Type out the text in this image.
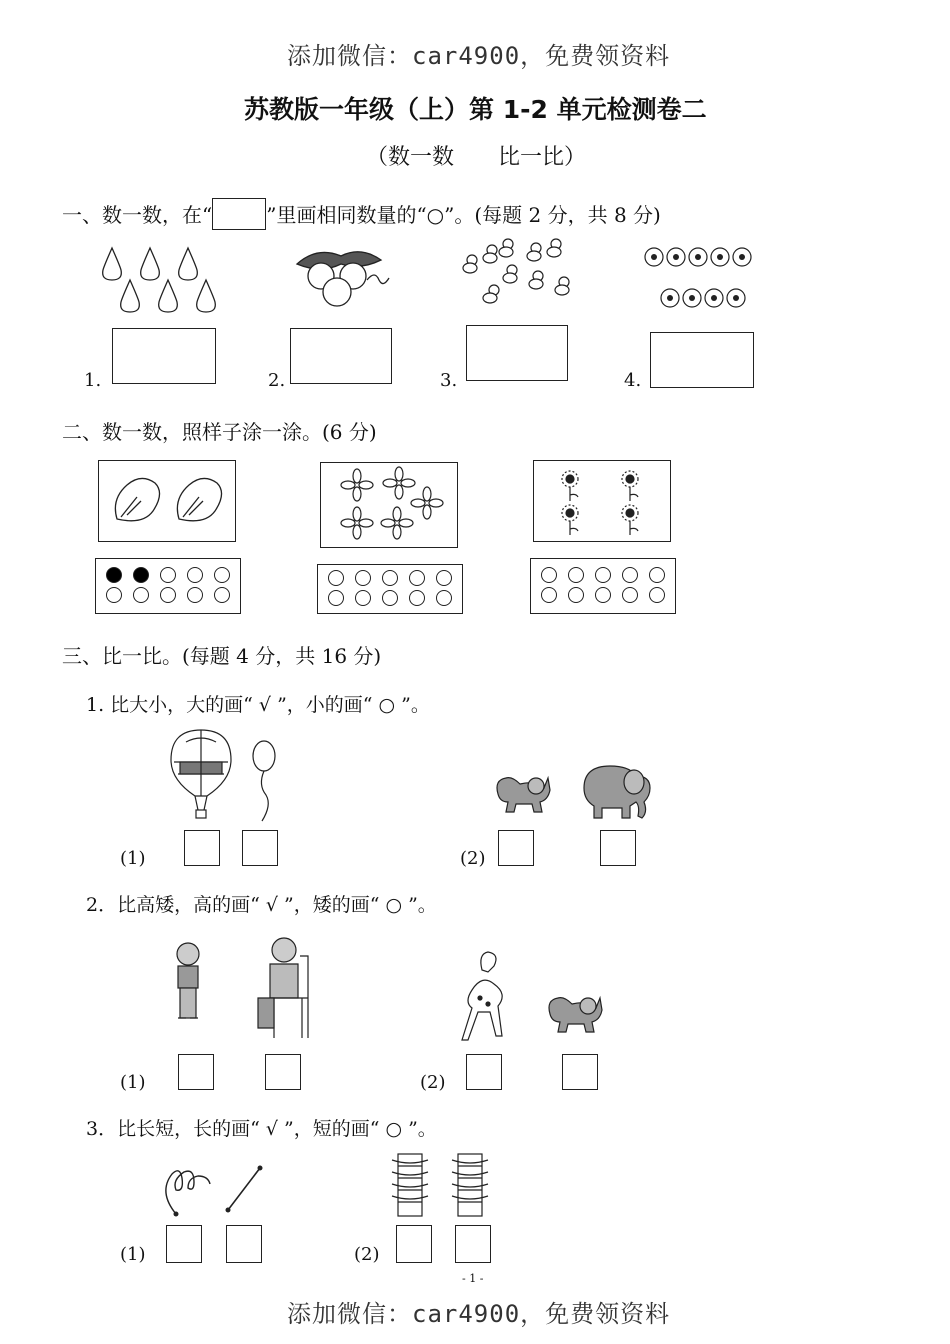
添加微信：car4900，免费领资料
苏教版一年级（上）第 1-2 单元检测卷二
（数一数　　比一比）
一、数一数，在“	”里画相同数量的“○”。(每题 2 分，共 8 分)
1.	2.	3.	4.
二、数一数，照样子涂一涂。(6 分)
三、比一比。(每题 4 分，共 16 分)
1. 比大小，大的画“ √ ”，小的画“ ○ ”。
(1)	(2)
2．比高矮，高的画“ √ ”，矮的画“ ○ ”。
(1)	(2)
3．比长短，长的画“ √ ”，短的画“ ○ ”。
(1)	(2)
- 1 -
添加微信：car4900，免费领资料
